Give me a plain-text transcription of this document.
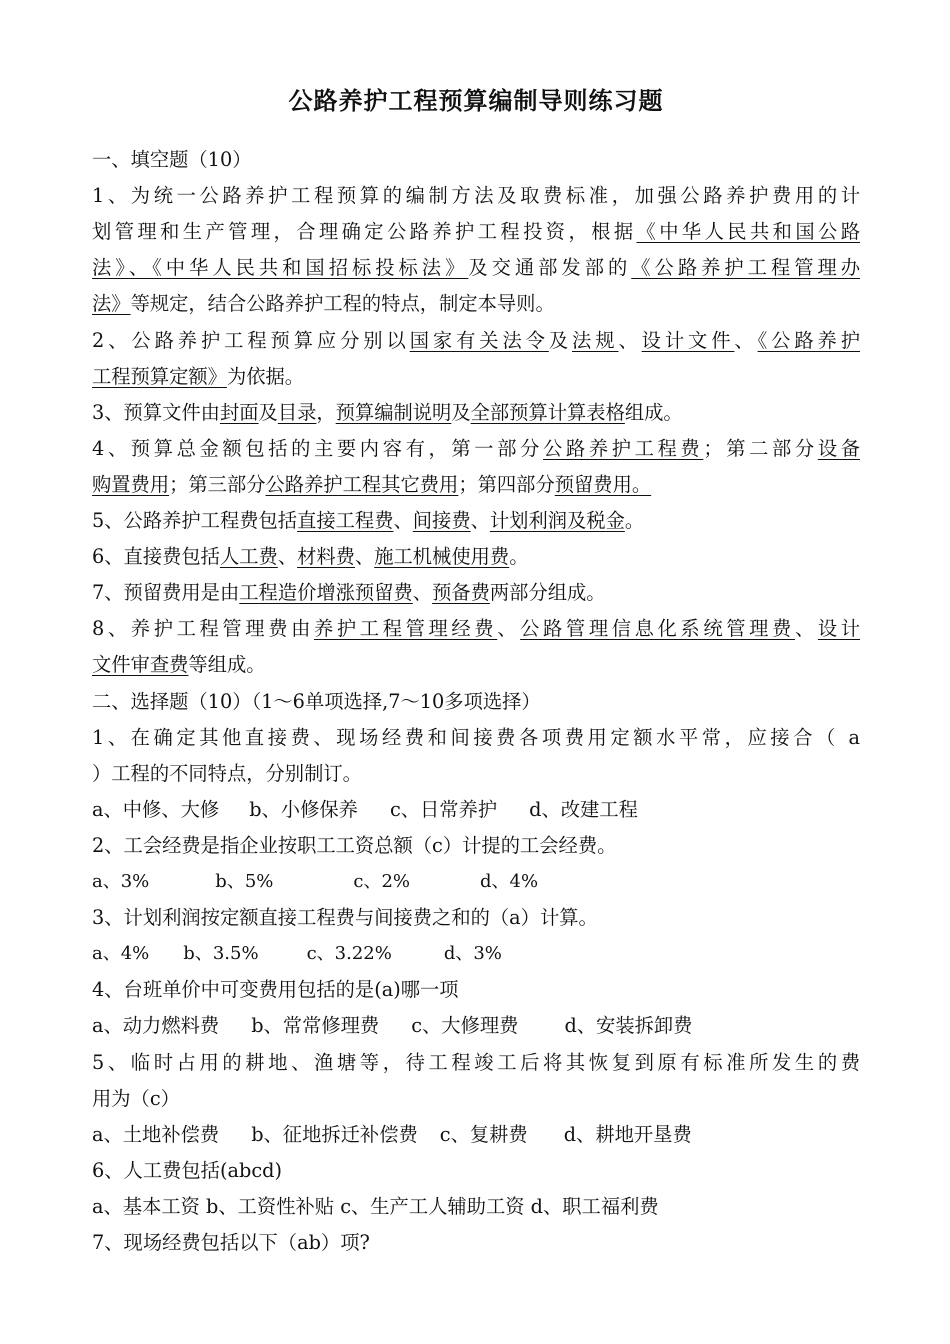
公路养护工程预算编制导则练习题
一、填空题（10）
1、为统一公路养护工程预算的编制方法及取费标准，加强公路养护费用的计
划管理和生产管理，合理确定公路养护工程投资，根据《中华人民共和国公路
法》、《中华人民共和国招标投标法》及交通部发部的《公路养护工程管理办
法》等规定，结合公路养护工程的特点，制定本导则。
2、公路养护工程预算应分别以国家有关法令及法规、设计文件、《公路养护
工程预算定额》为依据。
3、预算文件由封面及目录，预算编制说明及全部预算计算表格组成。
4、预算总金额包括的主要内容有，第一部分公路养护工程费；第二部分设备
购置费用；第三部分公路养护工程其它费用；第四部分预留费用。
5、公路养护工程费包括直接工程费、间接费、计划利润及税金。
6、直接费包括人工费、材料费、施工机械使用费。
7、预留费用是由工程造价增涨预留费、预备费两部分组成。
8、养护工程管理费由养护工程管理经费、公路管理信息化系统管理费、设计
文件审查费等组成。
二、选择题（10）（1～6单项选择,7～10多项选择）
1、在确定其他直接费、现场经费和间接费各项费用定额水平常，应接合（ a
）工程的不同特点，分别制订。
a、中修、大修 b、小修保养 c、日常养护 d、改建工程
2、工会经费是指企业按职工工资总额（c）计提的工会经费。
a、3%	b、5%	c、2%	d、4%
3、计划利润按定额直接工程费与间接费之和的（a）计算。
a、4% b、3.5%	c、3.22%	d、3%
4、台班单价中可变费用包括的是(a)哪一项
a、动力燃料费 b、常常修理费 c、大修理费 d、安装拆卸费
5、临时占用的耕地、渔塘等，待工程竣工后将其恢复到原有标准所发生的费
用为（c）
a、土地补偿费 b、征地拆迁补偿费 c、复耕费 d、耕地开垦费
6、人工费包括(abcd)
a、基本工资 b、工资性补贴 c、生产工人辅助工资 d、职工福利费
7、现场经费包括以下（ab）项?
